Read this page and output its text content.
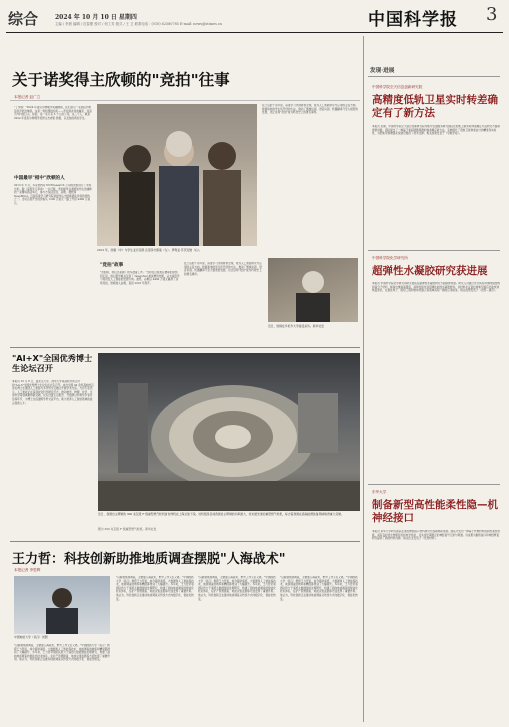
综合	2024 年 10 月 10 日 星期四
主编 / 李晨 编辑 / 沈春蕾 校对 / 何工芳 版式 / 王 卫 联系电话 : (010) 62580785 E-mail: news@stimes.cn	中国科学报 3
关于诺奖得主欣顿的"竞拍"往事
本报记者 赵广立
"丁零啦！"2024 年诺贝尔物理学奖揭晓前，在旧金山一家酒店内电话铃声依次响起。这是一场特殊的拍卖——竞拍者并非收藏家，而是当今科技巨头。标的，是一家只有 3 个人的公司。这三个人，就是 2024 年诺贝尔物理学奖得主杰弗里·欣顿，以及他的两位学生。
中国最早"相中"欣顿的人
2013 年 3 月，多家机构对 DNNresearch 公司的竞拍进行了多轮出价。据《深度学习革命》一书记载，竞拍最早在美国加州太浩湖畔的一家赌场酒店举行，参与方包括百度、谷歌、微软和 DeepMind。百度深度学习研究院是最早认出欣顿团队价值的机构之一。当时百度开出的价格从 1200 万美元一路上升到 4400 万美元。
2012 年，欣顿（中）与学生亚历克斯·克里泽夫斯基（左）、伊利亚·苏茨克维（右）。
在之后的十余年里，深度学习迅速席卷全球，成为人工智能研究与应用的主流方向。欣顿和他的学生所开创的方法，推动了图像识别、语音识别、机器翻译乃至大模型的发展，也让这场"竞拍"成为科技史上的著名事件。
"竞拍"故事
"竞拍前，我们还是做了很多准备工作。"当时在百度担任要职的余凯回忆说，他们很早就关注到了 ImageNet 挑战赛的结果，认为深度学习将改变人工智能的发展方向。最终，谷歌以 4400 万美元赢得了这场竞拍，欣顿加入谷歌，直到 2023 年离开。
在之后的十余年里，深度学习迅速席卷全球，成为人工智能研究与应用的主流方向。欣顿和他的学生所开创的方法，推动了图像识别、语音识别、机器翻译乃至大模型的发展，也让这场"竞拍"成为科技史上的著名事件。
近日，欣顿在多伦多大学接受采访。新华社发
"AI+X"全国优秀博士生论坛召开
本报讯 10 月 8 日，由北京大学、清华大学等高校共同主办的"AI+X"全国优秀博士生论坛在北京召开。来自全国 40 余所高校的百余名博士生围绕人工智能与多学科交叉融合开展学术交流。与会专家表示，人工智能正在深刻改变科学研究范式，推动数学、物理、化学、生命科学等领域取得新突破。论坛设置主旨报告、分组研讨和青年学者对话等环节，为博士生搭建跨学科交流平台，助力培养人工智能领域的拔尖创新人才。
近日，我国自主研制的 300 兆瓦级 F 级重型燃气轮机首台样机在上海总装下线。该机组是目前我国自主研制的功率最大、技术最先进的重型燃气轮机，标志着我国在高端能源装备领域取得重大突破。
图为 300 兆瓦级 F 级重型燃气轮机。新华社发
王力哲：科技创新助推地质调查摆脱"人海战术"
本报记者 李思辉
中国地质大学（武汉）供图
"以前做地质调查，主要靠人海战术，野外工作又苦又累。"中国地质大学（武汉）教授王力哲说，如今借助遥感、大数据和人工智能等技术，地质调查的效率和精度都得到了大幅提升。多年来，王力哲带领团队致力于遥感大数据智能处理研究，构建了面向地质调查的智能化技术体系，在矿产资源勘查、地质灾害监测等方面发挥了重要作用。他认为，科技创新正在推动地质调查从传统方式向数字化、智能化转变。
"以前做地质调查，主要靠人海战术，野外工作又苦又累。"中国地质大学（武汉）教授王力哲说，如今借助遥感、大数据和人工智能等技术，地质调查的效率和精度都得到了大幅提升。多年来，王力哲带领团队致力于遥感大数据智能处理研究，构建了面向地质调查的智能化技术体系，在矿产资源勘查、地质灾害监测等方面发挥了重要作用。他认为，科技创新正在推动地质调查从传统方式向数字化、智能化转变。
"以前做地质调查，主要靠人海战术，野外工作又苦又累。"中国地质大学（武汉）教授王力哲说，如今借助遥感、大数据和人工智能等技术，地质调查的效率和精度都得到了大幅提升。多年来，王力哲带领团队致力于遥感大数据智能处理研究，构建了面向地质调查的智能化技术体系，在矿产资源勘查、地质灾害监测等方面发挥了重要作用。他认为，科技创新正在推动地质调查从传统方式向数字化、智能化转变。
"以前做地质调查，主要靠人海战术，野外工作又苦又累。"中国地质大学（武汉）教授王力哲说，如今借助遥感、大数据和人工智能等技术，地质调查的效率和精度都得到了大幅提升。多年来，王力哲带领团队致力于遥感大数据智能处理研究，构建了面向地质调查的智能化技术体系，在矿产资源勘查、地质灾害监测等方面发挥了重要作用。他认为，科技创新正在推动地质调查从传统方式向数字化、智能化转变。
发现·进展
中国科学院空天信息创新研究院
高精度低轨卫星实时转差确定有了新方法
本报讯 近期，中国科学院空天信息创新研究院导航与位置服务研究团队在低轨卫星实时钟差确定方法研究方面取得新进展。团队提出了一种基于星间链路观测的钟差确定新方法，有效提升了低轨卫星钟差估计的精度和实时性，为低轨导航增强系统建设提供了技术支撑。相关成果发表于《导航学报》。
中国科学院化学研究所
超弹性水凝胶研究获进展
本报讯 中国科学院化学研究所研究团队在超弹性水凝胶研究方面取得进展。研究人员通过设计具有特殊网络结构的高分子材料，制备出兼具高强度、高韧性和优异回弹性能的水凝胶材料。该材料在反复拉伸和压缩后仍能快速恢复原状，在柔性电子、组织工程和软体机器人等领域具有广阔的应用前景。相关成果发表于《自然—通讯》。
东华大学
制备新型高性能柔性隐—机神经接口
本报讯 东华大学研究团队在柔性神经接口材料研究方面取得新进展。团队开发出一种基于纤维材料的新型柔性电极，具有良好的生物相容性和电学性能，可实现长期稳定的神经信号记录与刺激。该成果为脑机接口和神经修复研究提供了新的材料选择。相关论文发表于《先进材料》。
